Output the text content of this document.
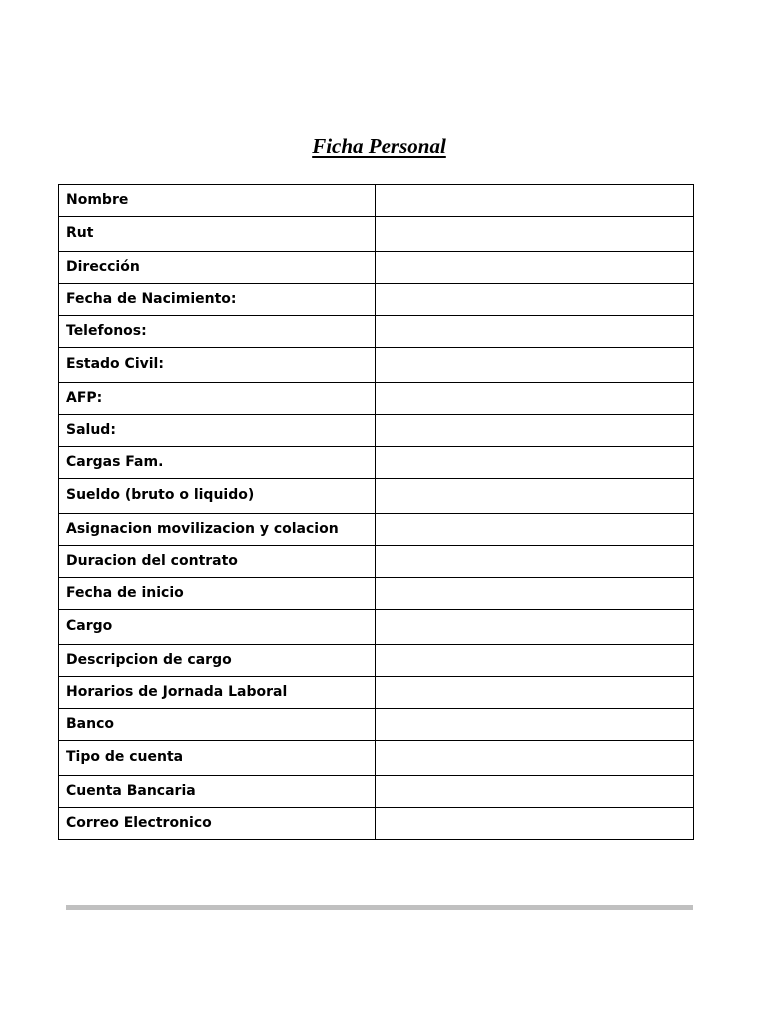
Ficha Personal
Nombre	
Rut	
Dirección	
Fecha de Nacimiento:	
Telefonos:	
Estado Civil:	
AFP:	
Salud:	
Cargas Fam.	
Sueldo (bruto o liquido)	
Asignacion movilizacion y colacion	
Duracion del contrato	
Fecha de inicio	
Cargo	
Descripcion de cargo	
Horarios de Jornada Laboral	
Banco	
Tipo de cuenta	
Cuenta Bancaria	
Correo Electronico	
